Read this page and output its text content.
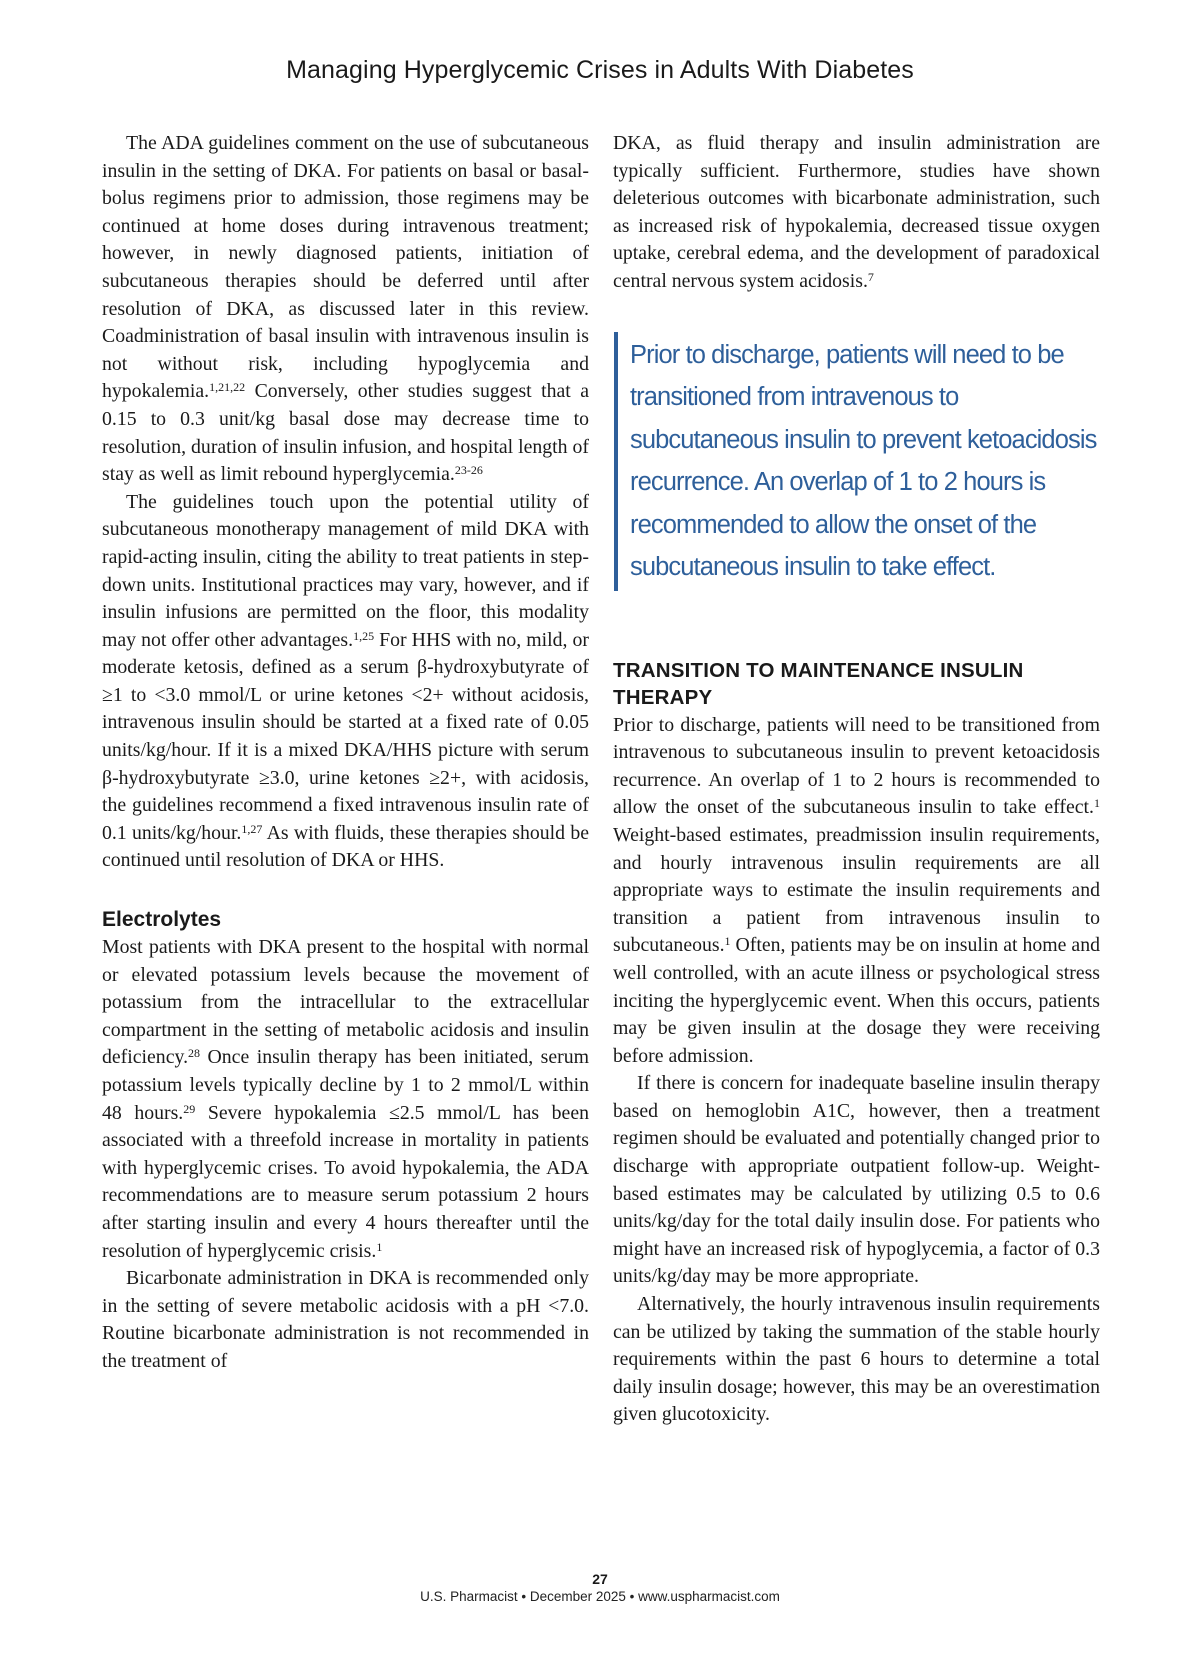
Managing Hyperglycemic Crises in Adults With Diabetes

The ADA guidelines comment on the use of subcutaneous insulin in the setting of DKA. For patients on basal or basal-bolus regimens prior to admission, those regimens may be continued at home doses during intravenous treatment; however, in newly diagnosed patients, initiation of subcutaneous therapies should be deferred until after resolution of DKA, as discussed later in this review. Coadministration of basal insulin with intravenous insulin is not without risk, including hypoglycemia and hypokalemia.$^{1,21,22}$ Conversely, other studies suggest that a 0.15 to 0.3 unit/kg basal dose may decrease time to resolution, duration of insulin infusion, and hospital length of stay as well as limit rebound hyperglycemia.$^{23-26}$

The guidelines touch upon the potential utility of subcutaneous monotherapy management of mild DKA with rapid-acting insulin, citing the ability to treat patients in step-down units. Institutional practices may vary, however, and if insulin infusions are permitted on the floor, this modality may not offer other advantages.$^{1,25}$ For HHS with no, mild, or moderate ketosis, defined as a serum β-hydroxybutyrate of ≥1 to <3.0 mmol/L or urine ketones <2+ without acidosis, intravenous insulin should be started at a fixed rate of 0.05 units/kg/hour. If it is a mixed DKA/HHS picture with serum β-hydroxybutyrate ≥3.0, urine ketones ≥2+, with acidosis, the guidelines recommend a fixed intravenous insulin rate of 0.1 units/kg/hour.$^{1,27}$ As with fluids, these therapies should be continued until resolution of DKA or HHS.

Electrolytes

Most patients with DKA present to the hospital with normal or elevated potassium levels because the movement of potassium from the intracellular to the extracellular compartment in the setting of metabolic acidosis and insulin deficiency.$^{28}$ Once insulin therapy has been initiated, serum potassium levels typically decline by 1 to 2 mmol/L within 48 hours.$^{29}$ Severe hypokalemia ≤2.5 mmol/L has been associated with a threefold increase in mortality in patients with hyperglycemic crises. To avoid hypokalemia, the ADA recommendations are to measure serum potassium 2 hours after starting insulin and every 4 hours thereafter until the resolution of hyperglycemic crisis.$^1$

Bicarbonate administration in DKA is recommended only in the setting of severe metabolic acidosis with a pH <7.0. Routine bicarbonate administration is not recommended in the treatment of

DKA, as fluid therapy and insulin administration are typically sufficient. Furthermore, studies have shown deleterious outcomes with bicarbonate administration, such as increased risk of hypokalemia, decreased tissue oxygen uptake, cerebral edema, and the development of paradoxical central nervous system acidosis.$^7$

Prior to discharge, patients will need to be transitioned from intravenous to subcutaneous insulin to prevent ketoacidosis recurrence. An overlap of 1 to 2 hours is recommended to allow the onset of the subcutaneous insulin to take effect.
TRANSITION TO MAINTENANCE INSULIN THERAPY

Prior to discharge, patients will need to be transitioned from intravenous to subcutaneous insulin to prevent ketoacidosis recurrence. An overlap of 1 to 2 hours is recommended to allow the onset of the subcutaneous insulin to take effect.$^1$ Weight-based estimates, preadmission insulin requirements, and hourly intravenous insulin requirements are all appropriate ways to estimate the insulin requirements and transition a patient from intravenous insulin to subcutaneous.$^1$ Often, patients may be on insulin at home and well controlled, with an acute illness or psychological stress inciting the hyperglycemic event. When this occurs, patients may be given insulin at the dosage they were receiving before admission.

If there is concern for inadequate baseline insulin therapy based on hemoglobin A1C, however, then a treatment regimen should be evaluated and potentially changed prior to discharge with appropriate outpatient follow-up. Weight-based estimates may be calculated by utilizing 0.5 to 0.6 units/kg/day for the total daily insulin dose. For patients who might have an increased risk of hypoglycemia, a factor of 0.3 units/kg/day may be more appropriate.

Alternatively, the hourly intravenous insulin requirements can be utilized by taking the summation of the stable hourly requirements within the past 6 hours to determine a total daily insulin dosage; however, this may be an overestimation given glucotoxicity.

27
U.S. Pharmacist • December 2025 • www.uspharmacist.com
